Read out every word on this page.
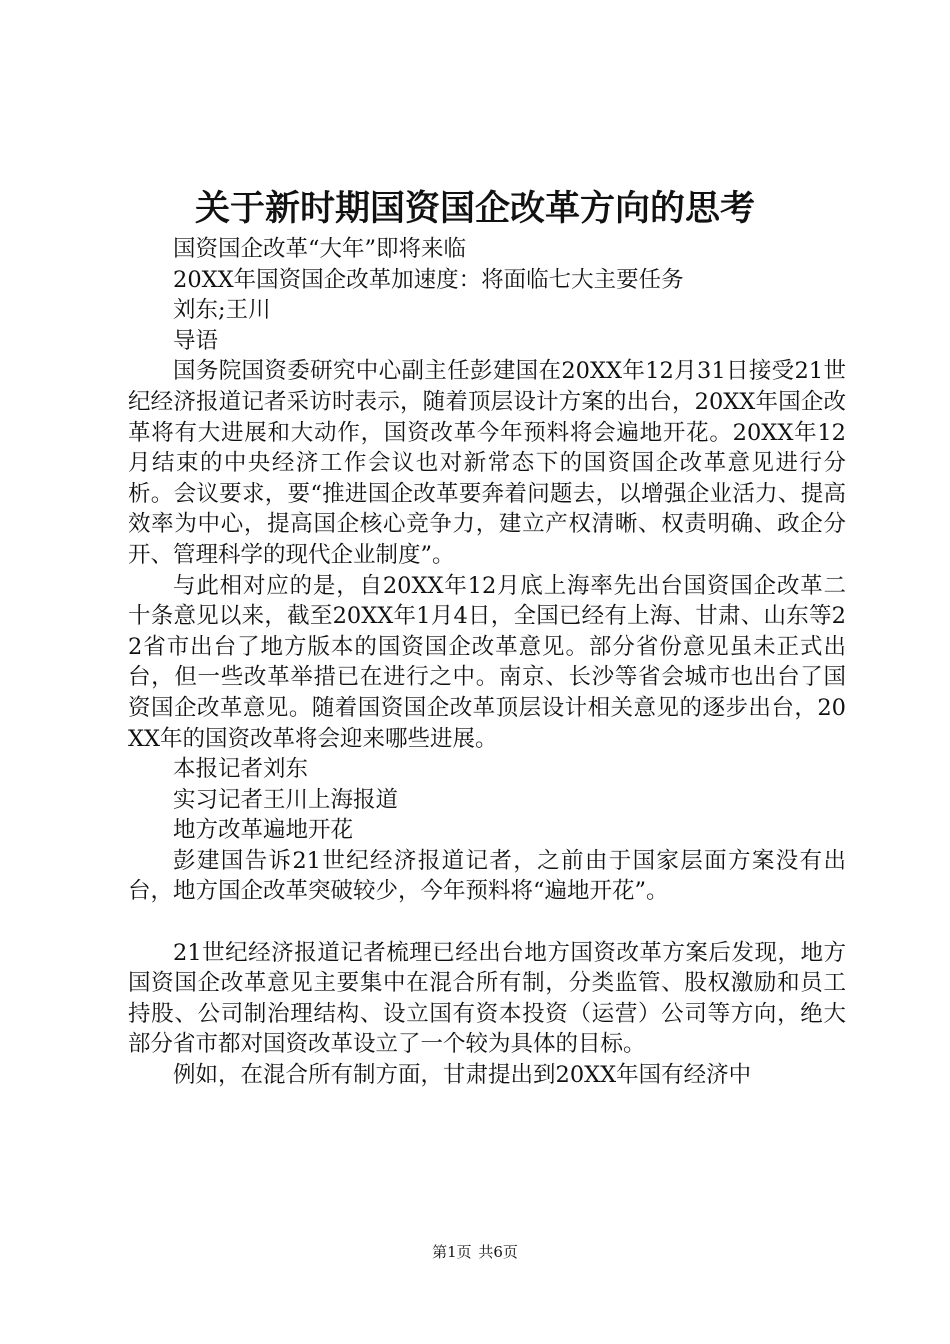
关于新时期国资国企改革方向的思考

国资国企改革“大年”即将来临

20XX年国资国企改革加速度：将面临七大主要任务

刘东;王川

导语

国务院国资委研究中心副主任彭建国在20XX年12月31日接受21世纪经济报道记者采访时表示，随着顶层设计方案的出台，20XX年国企改革将有大进展和大动作，国资改革今年预料将会遍地开花。20XX年12月结束的中央经济工作会议也对新常态下的国资国企改革意见进行分析。会议要求，要“推进国企改革要奔着问题去，以增强企业活力、提高效率为中心，提高国企核心竞争力，建立产权清晰、权责明确、政企分开、管理科学的现代企业制度”。

与此相对应的是，自20XX年12月底上海率先出台国资国企改革二十条意见以来，截至20XX年1月4日，全国已经有上海、甘肃、山东等22省市出台了地方版本的国资国企改革意见。部分省份意见虽未正式出台，但一些改革举措已在进行之中。南京、长沙等省会城市也出台了国资国企改革意见。随着国资国企改革顶层设计相关意见的逐步出台，20XX年的国资改革将会迎来哪些进展。

本报记者刘东

实习记者王川上海报道

地方改革遍地开花

彭建国告诉21世纪经济报道记者，之前由于国家层面方案没有出台，地方国企改革突破较少，今年预料将“遍地开花”。

21世纪经济报道记者梳理已经出台地方国资改革方案后发现，地方国资国企改革意见主要集中在混合所有制，分类监管、股权激励和员工持股、公司制治理结构、设立国有资本投资（运营）公司等方向，绝大部分省市都对国资改革设立了一个较为具体的目标。

例如，在混合所有制方面，甘肃提出到20XX年国有经济中

第1页 共6页
